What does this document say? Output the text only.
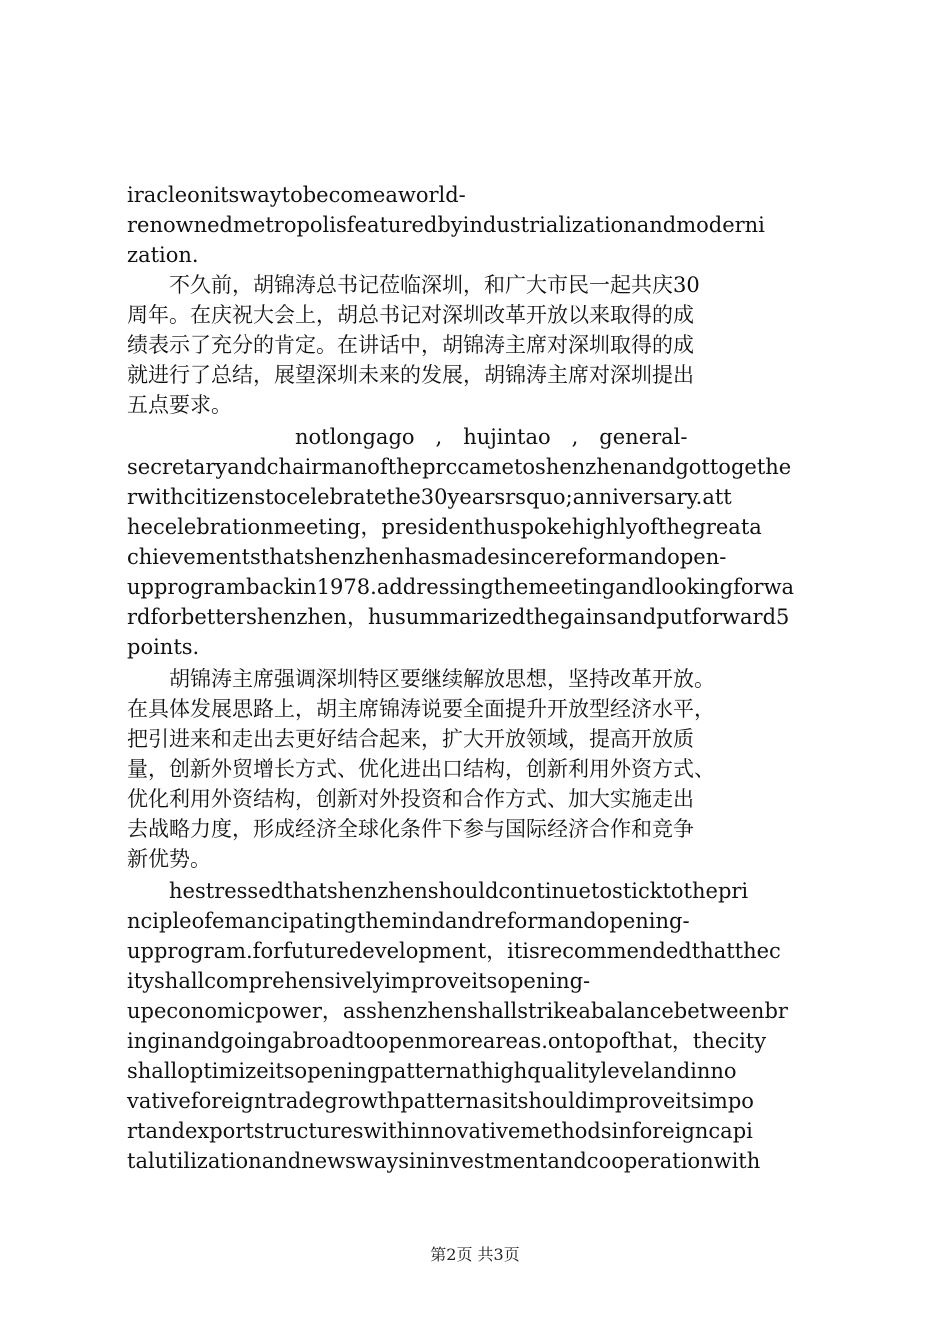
iracleonitswaytobecomeaworld-
renownedmetropolisfeaturedbyindustrializationandmoderni
zation.
　　不久前，胡锦涛总书记莅临深圳，和广大市民一起共庆30
周年。在庆祝大会上，胡总书记对深圳改革开放以来取得的成
绩表示了充分的肯定。在讲话中，胡锦涛主席对深圳取得的成
就进行了总结，展望深圳未来的发展，胡锦涛主席对深圳提出
五点要求。
　　　　　　　　notlongago　,　hujintao　,　general-
secretaryandchairmanoftheprccametoshenzhenandgottogethe
rwithcitizenstocelebratethe30yearsrsquo;anniversary.att
hecelebrationmeeting，presidenthuspokehighlyofthegreata
chievementsthatshenzhenhasmadesincereformandopen-
upprogrambackin1978.addressingthemeetingandlookingforwa
rdforbettershenzhen，husummarizedthegainsandputforward5
points.
　　胡锦涛主席强调深圳特区要继续解放思想，坚持改革开放。
在具体发展思路上，胡主席锦涛说要全面提升开放型经济水平，
把引进来和走出去更好结合起来，扩大开放领域，提高开放质
量，创新外贸增长方式、优化进出口结构，创新利用外资方式、
优化利用外资结构，创新对外投资和合作方式、加大实施走出
去战略力度，形成经济全球化条件下参与国际经济合作和竞争
新优势。
　　hestressedthatshenzhenshouldcontinuetosticktothepri
ncipleofemancipatingthemindandreformandopening-
upprogram.forfuturedevelopment，itisrecommendedthatthec
ityshallcomprehensivelyimproveitsopening-
upeconomicpower，asshenzhenshallstrikeabalancebetweenbr
inginandgoingabroadtoopenmoreareas.ontopofthat，thecity
shalloptimizeitsopeningpatternathighqualitylevelandinno
vativeforeigntradegrowthpatternasitshouldimproveitsimpo
rtandexportstructureswithinnovativemethodsinforeigncapi
talutilizationandnewswaysininvestmentandcooperationwith
第2页 共3页
